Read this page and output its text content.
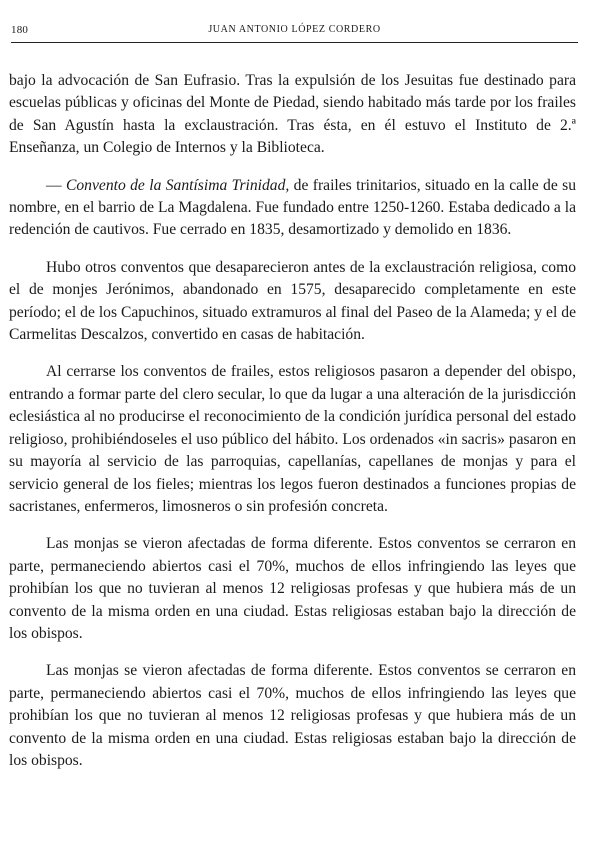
180	JUAN ANTONIO LÓPEZ CORDERO

bajo la advocación de San Eufrasio. Tras la expulsión de los Jesuitas fue destinado para escuelas públicas y oficinas del Monte de Piedad, siendo habitado más tarde por los frailes de San Agustín hasta la exclaustración. Tras ésta, en él estuvo el Instituto de 2.ª Enseñanza, un Colegio de Internos y la Biblioteca.

— Convento de la Santísima Trinidad, de frailes trinitarios, situado en la calle de su nombre, en el barrio de La Magdalena. Fue fundado entre 1250-1260. Estaba dedicado a la redención de cautivos. Fue cerrado en 1835, desamortizado y demolido en 1836.

Hubo otros conventos que desaparecieron antes de la exclaustración religiosa, como el de monjes Jerónimos, abandonado en 1575, desaparecido completamente en este período; el de los Capuchinos, situado extramuros al final del Paseo de la Alameda; y el de Carmelitas Descalzos, convertido en casas de habitación.

Al cerrarse los conventos de frailes, estos religiosos pasaron a depender del obispo, entrando a formar parte del clero secular, lo que da lugar a una alteración de la jurisdicción eclesiástica al no producirse el reconocimiento de la condición jurídica personal del estado religioso, prohibiéndoseles el uso público del hábito. Los ordenados «in sacris» pasaron en su mayoría al servicio de las parroquias, capellanías, capellanes de monjas y para el servicio general de los fieles; mientras los legos fueron destinados a funciones propias de sacristanes, enfermeros, limosneros o sin profesión concreta.

Las monjas se vieron afectadas de forma diferente. Estos conventos se cerraron en parte, permaneciendo abiertos casi el 70%, muchos de ellos infringiendo las leyes que prohibían los que no tuvieran al menos 12 religiosas profesas y que hubiera más de un convento de la misma orden en una ciudad. Estas religiosas estaban bajo la dirección de los obispos.

Las monjas se vieron afectadas de forma diferente. Estos conventos se cerraron en parte, permaneciendo abiertos casi el 70%, muchos de ellos infringiendo las leyes que prohibían los que no tuvieran al menos 12 religiosas profesas y que hubiera más de un convento de la misma orden en una ciudad. Estas religiosas estaban bajo la dirección de los obispos.
